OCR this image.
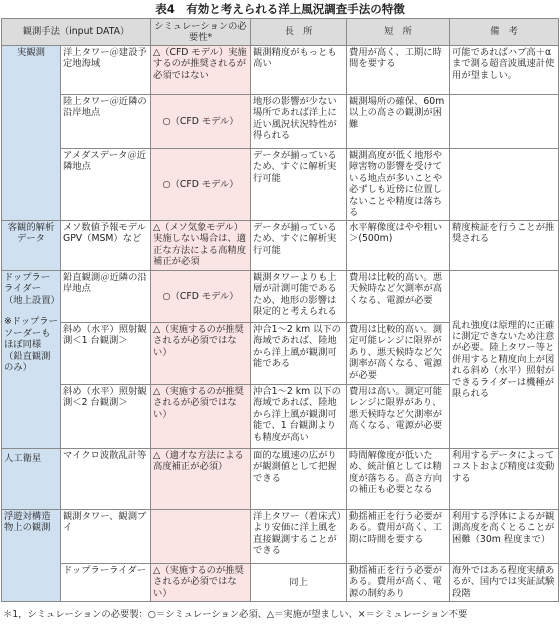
表4　有効と考えられる洋上風況調査手法の特徴
観測手法（input DATA）		シミュレーションの必要性*	長　所	短　所	備　考
実観測	洋上タワー＠建設予定地海域	△（CFD モデル）実施するのが推奨されるが必須ではない	観測精度がもっとも高い	費用が高く、工期に時間を要する	可能であればハブ高＋αまで測る超音波風速計使用が望ましい。
	陸上タワー＠近隣の沿岸地点	○（CFD モデル）	地形の影響が少ない場所であれば洋上に近い風況状況特性が得られる	観測場所の確保、60m 以上の高さの観測が困難	
	アメダスデータ＠近隣地点	○（CFD モデル）	データが揃っているため、すぐに解析実行可能	観測高度が低く地形や障害物の影響を受けている地点が多いことや必ずしも近傍に位置しないことや精度は落ちる	
客観的解析データ	メソ数値予報モデルGPV（MSM）など	△（メソ気象モデル）実施しない場合は、適正な方法による高精度補正が必須	データが揃っているため、すぐに解析実行可能	水平解像度はやや粗い＞(500m)	精度検証を行うことが推奨される

ドップラーライダー（地上設置）
※ドップラーソーダーもほぼ同様（鉛直観測のみ）	鉛直観測＠近隣の沿岸地点	○（CFD モデル）	観測タワーよりも上層が計測可能であるため、地形の影響は限定的と考えられる	費用は比較的高い。悪天候時など欠測率が高くなる、電源が必要	乱れ強度は原理的に正確に測定できないため注意が必要。陸上タワー等と併用すると精度向上が図れる斜め（水平）照射ができるライダーは機種が限られる
	斜め（水平）照射観測＜1 台観測＞	△（実施するのが推奨されるが必須ではない）	沖合1～2 km 以下の海域であれば、陸地から洋上風が観測可能である	費用は比較的高い。測定可能レンジに限界があり、悪天候時など欠測率が高くなる、電源が必要	
	斜め（水平）照射観測＜2 台観測＞	△（実施するのが推奨されるが必須ではない）	沖合1～2 km 以下の海域であれば、陸地から洋上風が観測可能で、1 台観測よりも精度が高い	費用は高い。測定可能レンジに限界があり、悪天候時など欠測率が高くなる、電源が必要	
人工衛星	マイクロ波散乱計等	△（適才な方法による高度補正が必須）	面的な風速の広がりが観測値として把握できる	時間解像度が低いため、統計値としては精度が落ちる。高さ方向の補正も必要となる	利用するデータによってコストおよび精度は変動する
浮遊対構造物上の観測	観測タワー、観測ブイ		洋上タワー（着床式）より安価に洋上風を直接観測することができる	動揺補正を行う必要がある。費用が高く、工期に時間を要する	利用する浮体によるが観測高度を高くとることが困難（30m 程度まで）
	ドップラーライダー	△（実施するのが推奨されるが必須ではない）	同上	動揺補正を行う必要がある。費用が高く、電源の制約あり	海外ではある程度実績あるが、国内では実証試験段階
＊1，シミュレーションの必要製：○＝シミュレーション必須、△＝実施が望ましい、×＝シミュレーション不要
